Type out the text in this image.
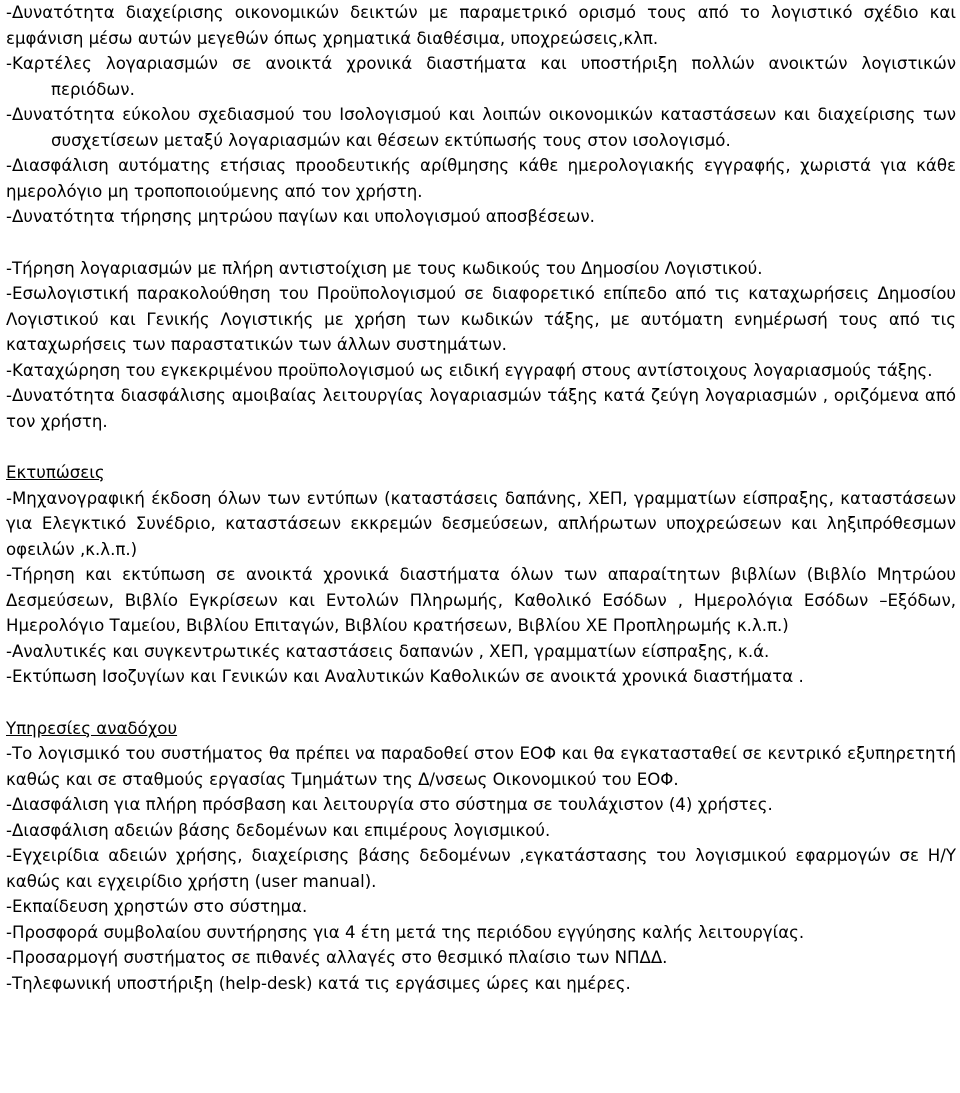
-Δυνατότητα διαχείρισης οικονομικών δεικτών με παραμετρικό ορισμό τους από το λογιστικό σχέδιο και εμφάνιση μέσω αυτών μεγεθών όπως χρηματικά διαθέσιμα, υποχρεώσεις,κλπ.

-Καρτέλες λογαριασμών σε ανοικτά χρονικά διαστήματα και υποστήριξη πολλών ανοικτών λογιστικών περιόδων.

-Δυνατότητα εύκολου σχεδιασμού του Ισολογισμού και λοιπών οικονομικών καταστάσεων και διαχείρισης των συσχετίσεων μεταξύ λογαριασμών και θέσεων εκτύπωσής τους στον ισολογισμό.

-Διασφάλιση αυτόματης ετήσιας προοδευτικής αρίθμησης κάθε ημερολογιακής εγγραφής, χωριστά για κάθε ημερολόγιο μη τροποποιούμενης από τον χρήστη.

-Δυνατότητα τήρησης μητρώου παγίων και υπολογισμού αποσβέσεων.

-Τήρηση λογαριασμών με πλήρη αντιστοίχιση με τους κωδικούς του Δημοσίου Λογιστικού.

-Εσωλογιστική παρακολούθηση του Προϋπολογισμού σε διαφορετικό επίπεδο από τις καταχωρήσεις Δημοσίου Λογιστικού και Γενικής Λογιστικής με χρήση των κωδικών τάξης, με αυτόματη ενημέρωσή τους από τις καταχωρήσεις των παραστατικών των άλλων συστημάτων.

-Καταχώρηση του εγκεκριμένου προϋπολογισμού ως ειδική εγγραφή στους αντίστοιχους λογαριασμούς τάξης.

-Δυνατότητα διασφάλισης αμοιβαίας λειτουργίας λογαριασμών τάξης κατά ζεύγη λογαριασμών , οριζόμενα από τον χρήστη.

Εκτυπώσεις

-Μηχανογραφική έκδοση όλων των εντύπων (καταστάσεις δαπάνης, ΧΕΠ, γραμματίων είσπραξης, καταστάσεων για Ελεγκτικό Συνέδριο, καταστάσεων εκκρεμών δεσμεύσεων, απλήρωτων υποχρεώσεων και ληξιπρόθεσμων οφειλών ,κ.λ.π.)

-Τήρηση και εκτύπωση σε ανοικτά χρονικά διαστήματα όλων των απαραίτητων βιβλίων (Βιβλίο Μητρώου Δεσμεύσεων, Βιβλίο Εγκρίσεων και Εντολών Πληρωμής, Καθολικό Εσόδων , Ημερολόγια Εσόδων –Εξόδων, Ημερολόγιο Ταμείου, Βιβλίου Επιταγών, Βιβλίου κρατήσεων, Βιβλίου ΧΕ Προπληρωμής κ.λ.π.)

-Αναλυτικές και συγκεντρωτικές καταστάσεις δαπανών , ΧΕΠ, γραμματίων είσπραξης, κ.ά.

-Εκτύπωση Ισοζυγίων και Γενικών και Αναλυτικών Καθολικών σε ανοικτά χρονικά διαστήματα .

Υπηρεσίες αναδόχου

-Το λογισμικό του συστήματος θα πρέπει να παραδοθεί στον ΕΟΦ και θα εγκατασταθεί σε κεντρικό εξυπηρετητή καθώς και σε σταθμούς εργασίας Τμημάτων της Δ/νσεως Οικονομικού του ΕΟΦ.

-Διασφάλιση για πλήρη πρόσβαση και λειτουργία στο σύστημα σε τουλάχιστον (4) χρήστες.

-Διασφάλιση αδειών βάσης δεδομένων και επιμέρους λογισμικού.

-Εγχειρίδια αδειών χρήσης, διαχείρισης βάσης δεδομένων ,εγκατάστασης του λογισμικού εφαρμογών σε Η/Υ καθώς και εγχειρίδιο χρήστη (user manual).

-Εκπαίδευση χρηστών στο σύστημα.

-Προσφορά συμβολαίου συντήρησης για 4 έτη μετά της περιόδου εγγύησης καλής λειτουργίας.

-Προσαρμογή συστήματος σε πιθανές αλλαγές στο θεσμικό πλαίσιο των ΝΠΔΔ.

-Τηλεφωνική υποστήριξη (help-desk) κατά τις εργάσιμες ώρες και ημέρες.
